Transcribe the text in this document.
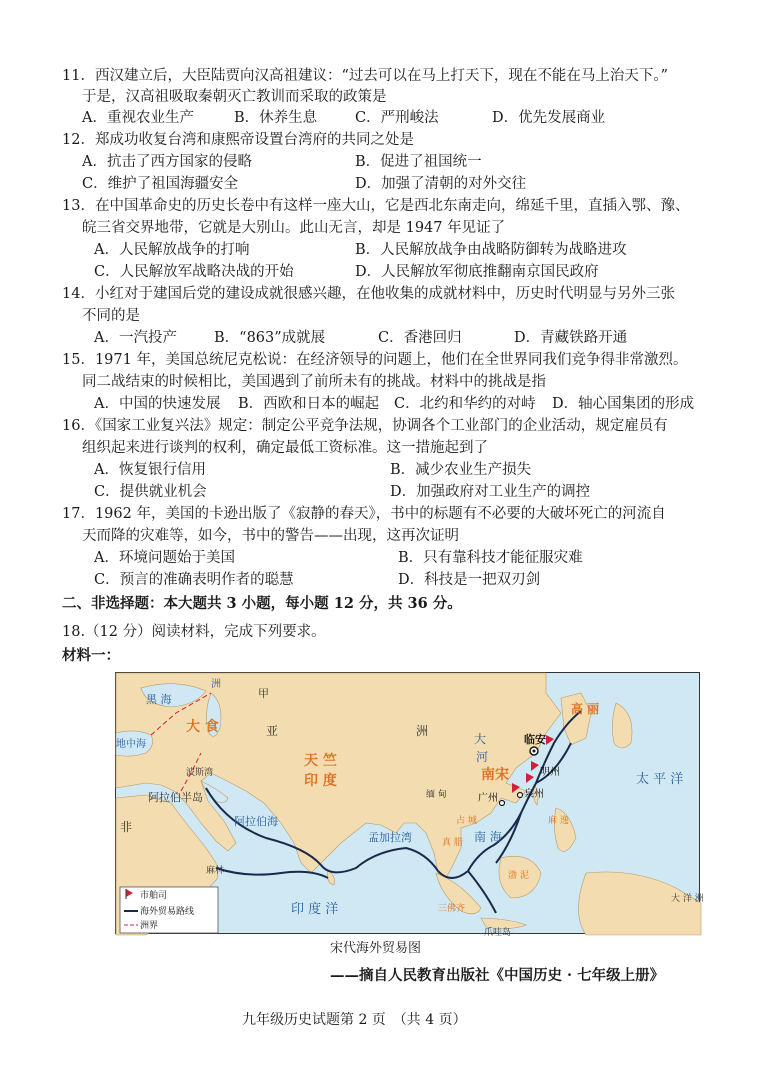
11．西汉建立后，大臣陆贾向汉高祖建议：“过去可以在马上打天下，现在不能在马上治天下。”
于是，汉高祖吸取秦朝灭亡教训而采取的政策是
A．重视农业生产	B．休养生息	C．严刑峻法	D．优先发展商业
12．郑成功收复台湾和康熙帝设置台湾府的共同之处是
A．抗击了西方国家的侵略	B．促进了祖国统一
C．维护了祖国海疆安全	D．加强了清朝的对外交往
13．在中国革命史的历史长卷中有这样一座大山，它是西北东南走向，绵延千里，直插入鄂、豫、
皖三省交界地带，它就是大别山。此山无言，却是 1947 年见证了
A．人民解放战争的打响	B．人民解放战争由战略防御转为战略进攻
C．人民解放军战略决战的开始	D．人民解放军彻底推翻南京国民政府
14．小红对于建国后党的建设成就很感兴趣，在他收集的成就材料中，历史时代明显与另外三张
不同的是
A．一汽投产	B．“863”成就展	C．香港回归	D．青藏铁路开通
15．1971 年，美国总统尼克松说：在经济领导的问题上，他们在全世界同我们竞争得非常激烈。
同二战结束的时候相比，美国遇到了前所未有的挑战。材料中的挑战是指
A．中国的快速发展 B．西欧和日本的崛起 C．北约和华约的对峙 D．轴心国集团的形成
16．《国家工业复兴法》规定：制定公平竞争法规，协调各个工业部门的企业活动，规定雇员有
组织起来进行谈判的权利，确定最低工资标准。这一措施起到了
A．恢复银行信用	B．减少农业生产损失
C．提供就业机会	D．加强政府对工业生产的调控
17．1962 年，美国的卡逊出版了《寂静的春天》，书中的标题有不必要的大破坏死亡的河流自
天而降的灾难等，如今，书中的警告——出现，这再次证明
A．环境问题始于美国	B．只有靠科技才能征服灾难
C．预言的准确表明作者的聪慧	D．科技是一把双刃剑
二、非选择题：本大题共 3 小题，每小题 12 分，共 36 分。
18.（12 分）阅读材料，完成下列要求。
材料一：
黑 海
洲
甲
地中海
大 食	亚	洲
波斯湾
阿拉伯半岛
天 竺
印 度
阿拉伯海
非
孟加拉湾
印 度 洋
缅 甸
临安
明州
泉州
广州
南宋
大
河
高 丽
太 平 洋
南 海
三佛齐
爪哇岛
大 洋 洲
占 城
真 腊
渤 泥
麻 逸
麻林
市舶司
海外贸易路线
洲界
宋代海外贸易图
——摘自人民教育出版社《中国历史 · 七年级上册》
九年级历史试题第 2 页　（共 4 页）
